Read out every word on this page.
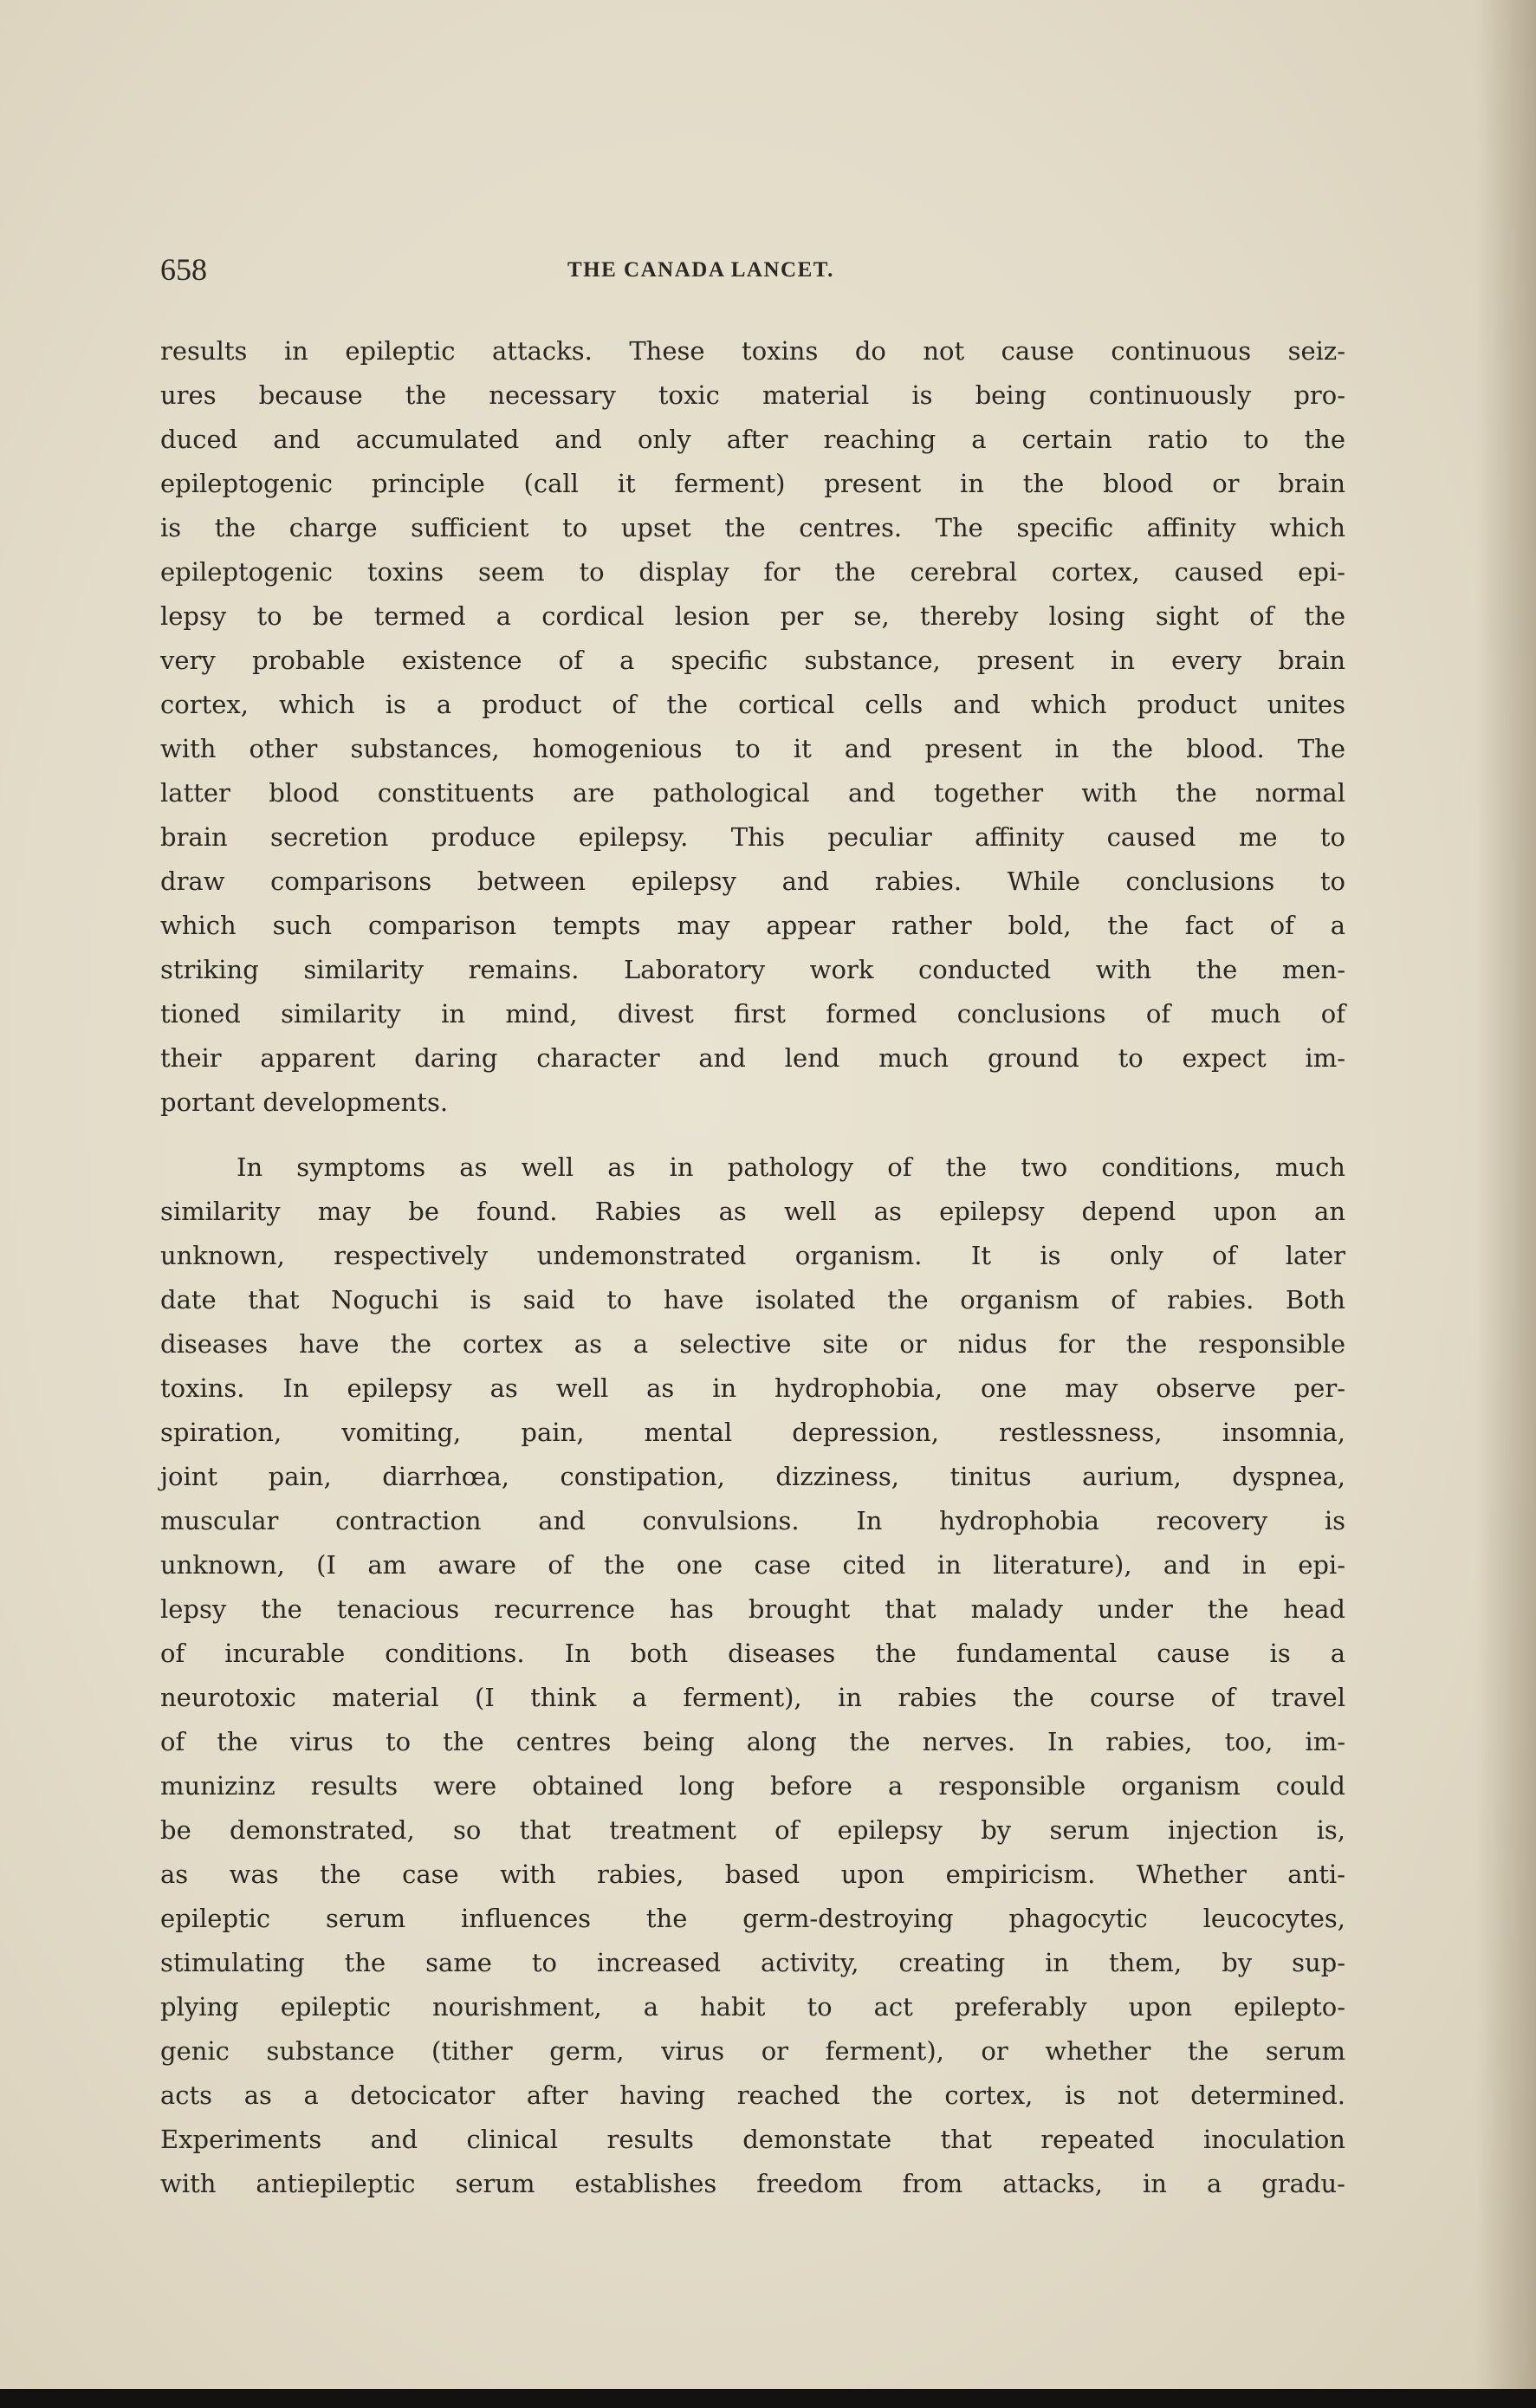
658	THE CANADA LANCET.

results in epileptic attacks. These toxins do not cause continuous seiz-

ures because the necessary toxic material is being continuously pro-

duced and accumulated and only after reaching a certain ratio to the

epileptogenic principle (call it ferment) present in the blood or brain

is the charge sufficient to upset the centres. The specific affinity which

epileptogenic toxins seem to display for the cerebral cortex, caused epi-

lepsy to be termed a cordical lesion per se, thereby losing sight of the

very probable existence of a specific substance, present in every brain

cortex, which is a product of the cortical cells and which product unites

with other substances, homogenious to it and present in the blood. The

latter blood constituents are pathological and together with the normal

brain secretion produce epilepsy. This peculiar affinity caused me to

draw comparisons between epilepsy and rabies. While conclusions to

which such comparison tempts may appear rather bold, the fact of a

striking similarity remains. Laboratory work conducted with the men-

tioned similarity in mind, divest first formed conclusions of much of

their apparent daring character and lend much ground to expect im-

portant developments.

In symptoms as well as in pathology of the two conditions, much

similarity may be found. Rabies as well as epilepsy depend upon an

unknown, respectively undemonstrated organism. It is only of later

date that Noguchi is said to have isolated the organism of rabies. Both

diseases have the cortex as a selective site or nidus for the responsible

toxins. In epilepsy as well as in hydrophobia, one may observe per-

spiration, vomiting, pain, mental depression, restlessness, insomnia,

joint pain, diarrhœa, constipation, dizziness, tinitus aurium, dyspnea,

muscular contraction and convulsions. In hydrophobia recovery is

unknown, (I am aware of the one case cited in literature), and in epi-

lepsy the tenacious recurrence has brought that malady under the head

of incurable conditions. In both diseases the fundamental cause is a

neurotoxic material (I think a ferment), in rabies the course of travel

of the virus to the centres being along the nerves. In rabies, too, im-

munizinz results were obtained long before a responsible organism could

be demonstrated, so that treatment of epilepsy by serum injection is,

as was the case with rabies, based upon empiricism. Whether anti-

epileptic serum influences the germ-destroying phagocytic leucocytes,

stimulating the same to increased activity, creating in them, by sup-

plying epileptic nourishment, a habit to act preferably upon epilepto-

genic substance (tither germ, virus or ferment), or whether the serum

acts as a detocicator after having reached the cortex, is not determined.

Experiments and clinical results demonstate that repeated inoculation

with antiepileptic serum establishes freedom from attacks, in a gradu-
